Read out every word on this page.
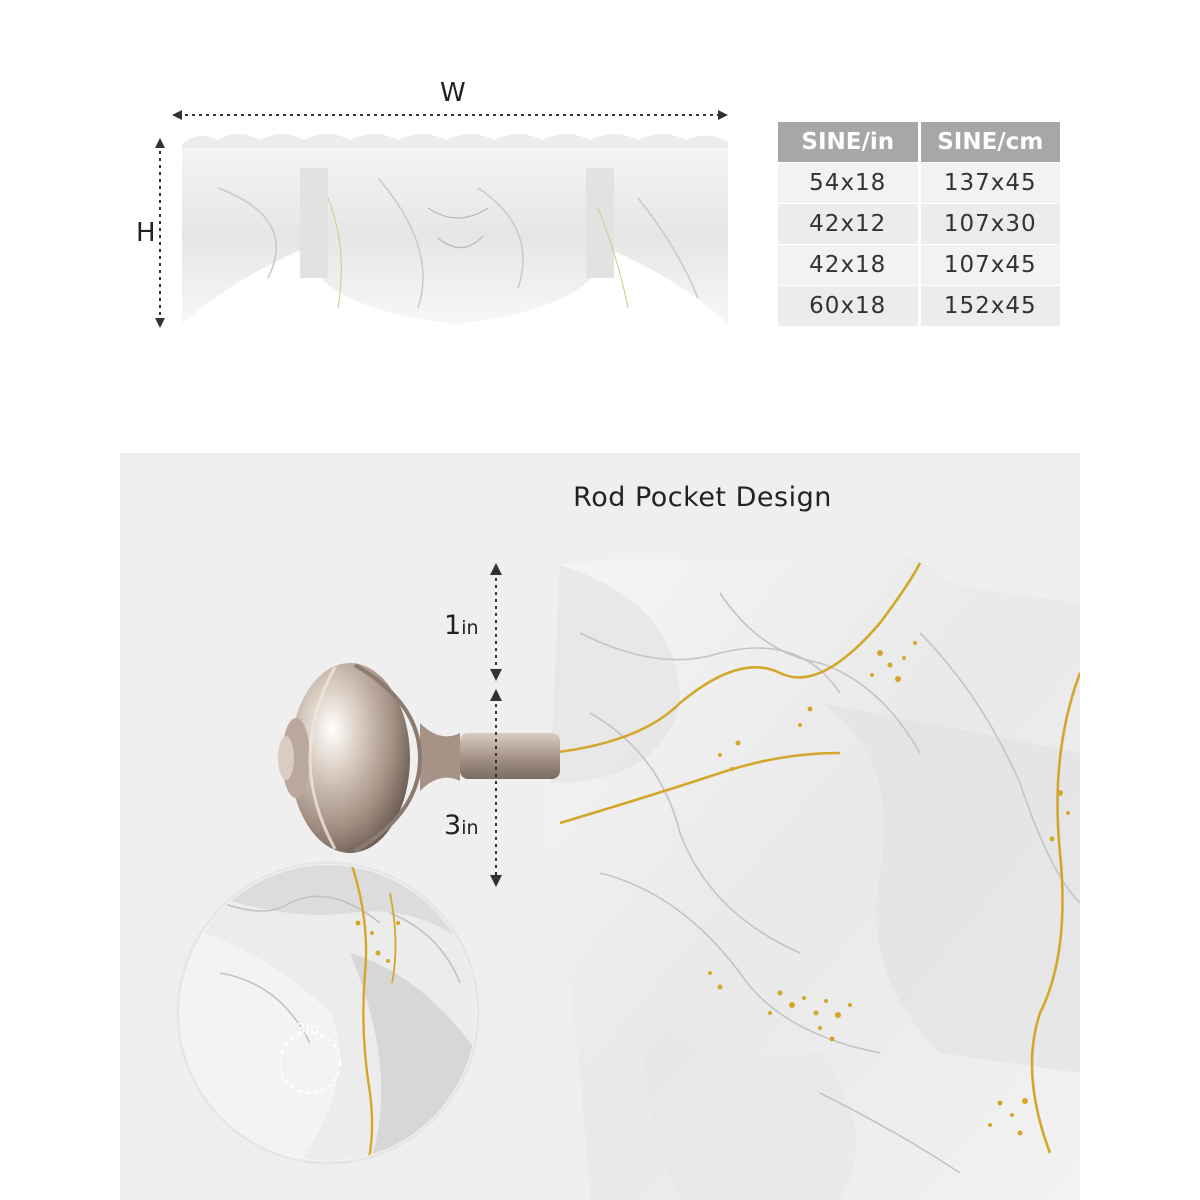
W
H
SINE/in	SINE/cm
54x18	137x45
42x12	107x30
42x18	107x45
60x18	152x45
Rod Pocket Design
1in
3in
3in
